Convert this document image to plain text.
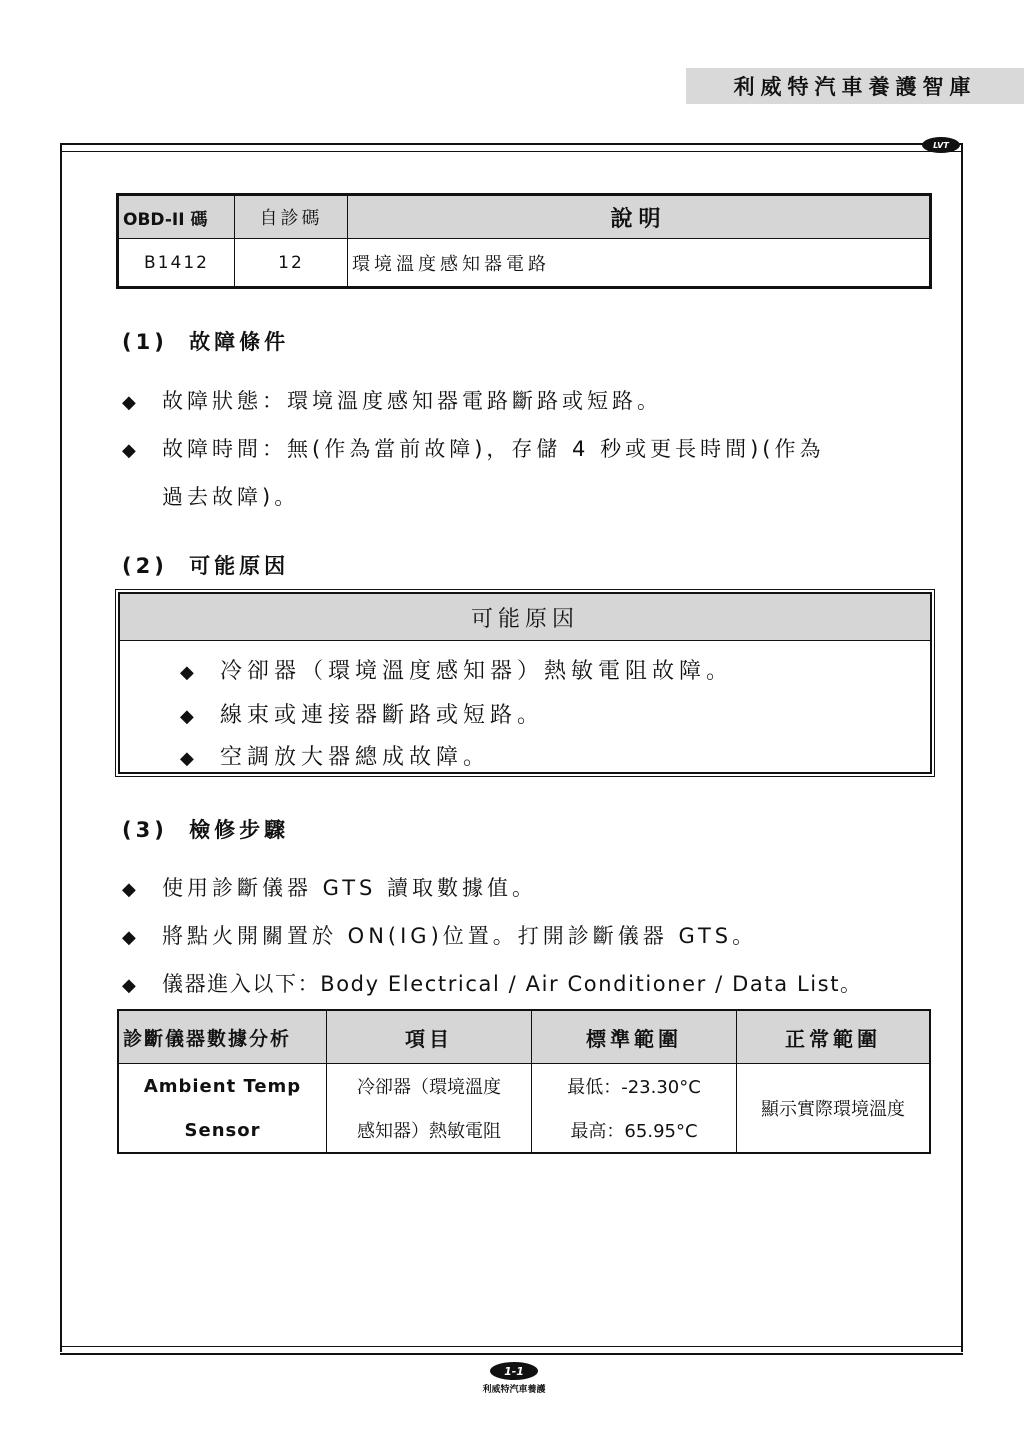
利威特汽車養護智庫
LVT
OBD-II 碼	自診碼	說明
B1412	12	環境溫度感知器電路
(1) 故障條件
◆ 故障狀態：環境溫度感知器電路斷路或短路。
◆ 故障時間：無(作為當前故障)，存儲 4 秒或更長時間)(作為
過去故障)。
(2) 可能原因
可能原因
◆ 冷卻器（環境溫度感知器）熱敏電阻故障。
◆ 線束或連接器斷路或短路。
◆ 空調放大器總成故障。
(3) 檢修步驟
◆ 使用診斷儀器 GTS 讀取數據值。
◆ 將點火開關置於 ON(IG)位置。打開診斷儀器 GTS。
◆ 儀器進入以下：Body Electrical / Air Conditioner / Data List。
診斷儀器數據分析	項目	標準範圍	正常範圍
Ambient Temp	冷卻器（環境溫度	最低：-23.30°C	顯示實際環境溫度
Sensor	感知器）熱敏電阻	最高：65.95°C	
1-1
利威特汽車養護
